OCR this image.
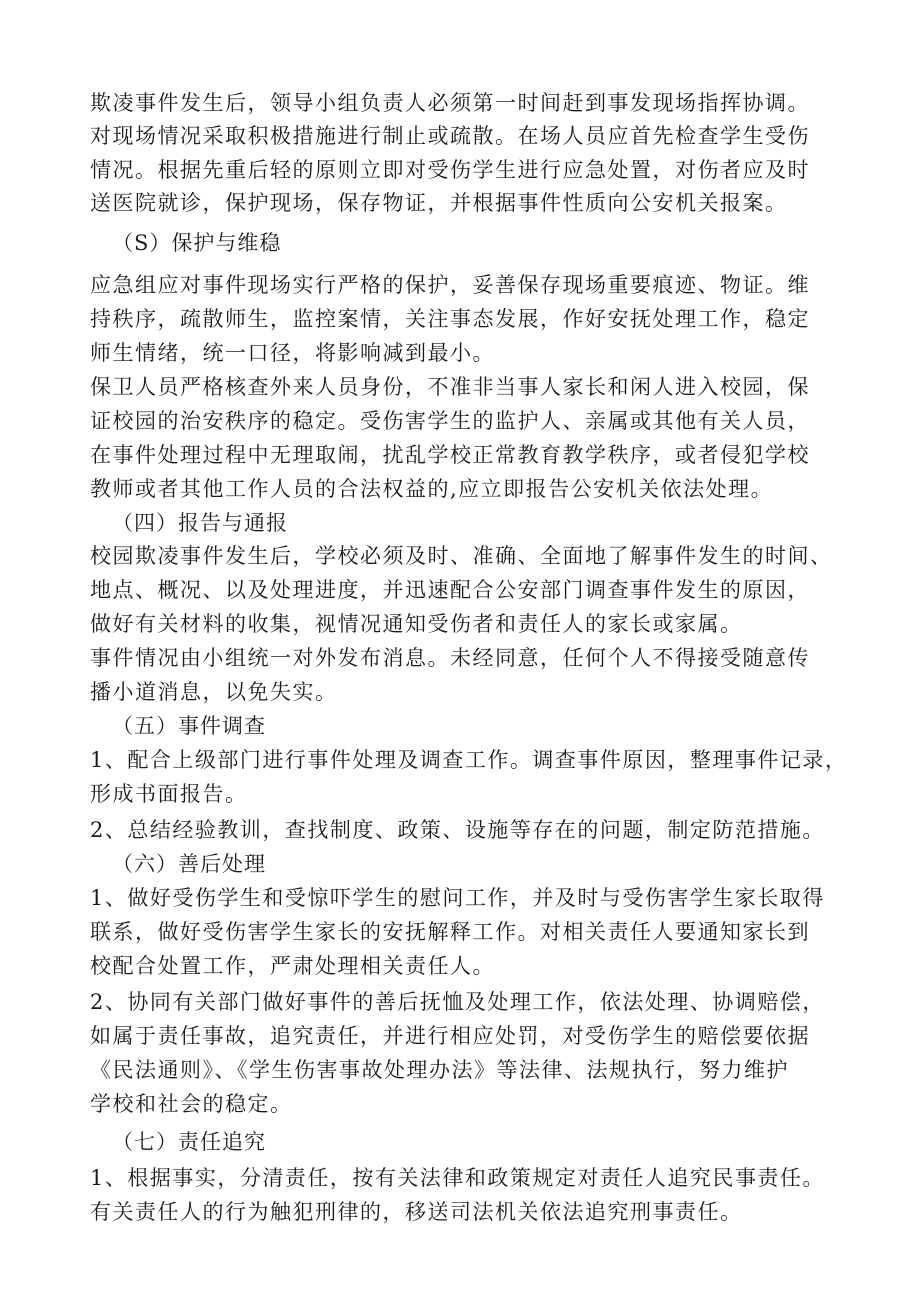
欺凌事件发生后，领导小组负责人必须第一时间赶到事发现场指挥协调。
对现场情况采取积极措施进行制止或疏散。在场人员应首先检查学生受伤
情况。根据先重后轻的原则立即对受伤学生进行应急处置，对伤者应及时
送医院就诊，保护现场，保存物证，并根据事件性质向公安机关报案。
（S）保护与维稳
应急组应对事件现场实行严格的保护，妥善保存现场重要痕迹、物证。维
持秩序，疏散师生，监控案情，关注事态发展，作好安抚处理工作，稳定
师生情绪，统一口径，将影响减到最小。
保卫人员严格核查外来人员身份，不准非当事人家长和闲人进入校园，保
证校园的治安秩序的稳定。受伤害学生的监护人、亲属或其他有关人员，
在事件处理过程中无理取闹，扰乱学校正常教育教学秩序，或者侵犯学校
教师或者其他工作人员的合法权益的,应立即报告公安机关依法处理。
（四）报告与通报
校园欺凌事件发生后，学校必须及时、准确、全面地了解事件发生的时间、
地点、概况、以及处理进度，并迅速配合公安部门调查事件发生的原因，
做好有关材料的收集，视情况通知受伤者和责任人的家长或家属。
事件情况由小组统一对外发布消息。未经同意，任何个人不得接受随意传
播小道消息，以免失实。
（五）事件调查
1、配合上级部门进行事件处理及调查工作。调查事件原因，整理事件记录，
形成书面报告。
2、总结经验教训，查找制度、政策、设施等存在的问题，制定防范措施。
（六）善后处理
1、做好受伤学生和受惊吓学生的慰问工作，并及时与受伤害学生家长取得
联系，做好受伤害学生家长的安抚解释工作。对相关责任人要通知家长到
校配合处置工作，严肃处理相关责任人。
2、协同有关部门做好事件的善后抚恤及处理工作，依法处理、协调赔偿，
如属于责任事故，追究责任，并进行相应处罚，对受伤学生的赔偿要依据
《民法通则》、《学生伤害事故处理办法》等法律、法规执行，努力维护
学校和社会的稳定。
（七）责任追究
1、根据事实，分清责任，按有关法律和政策规定对责任人追究民事责任。
有关责任人的行为触犯刑律的，移送司法机关依法追究刑事责任。
